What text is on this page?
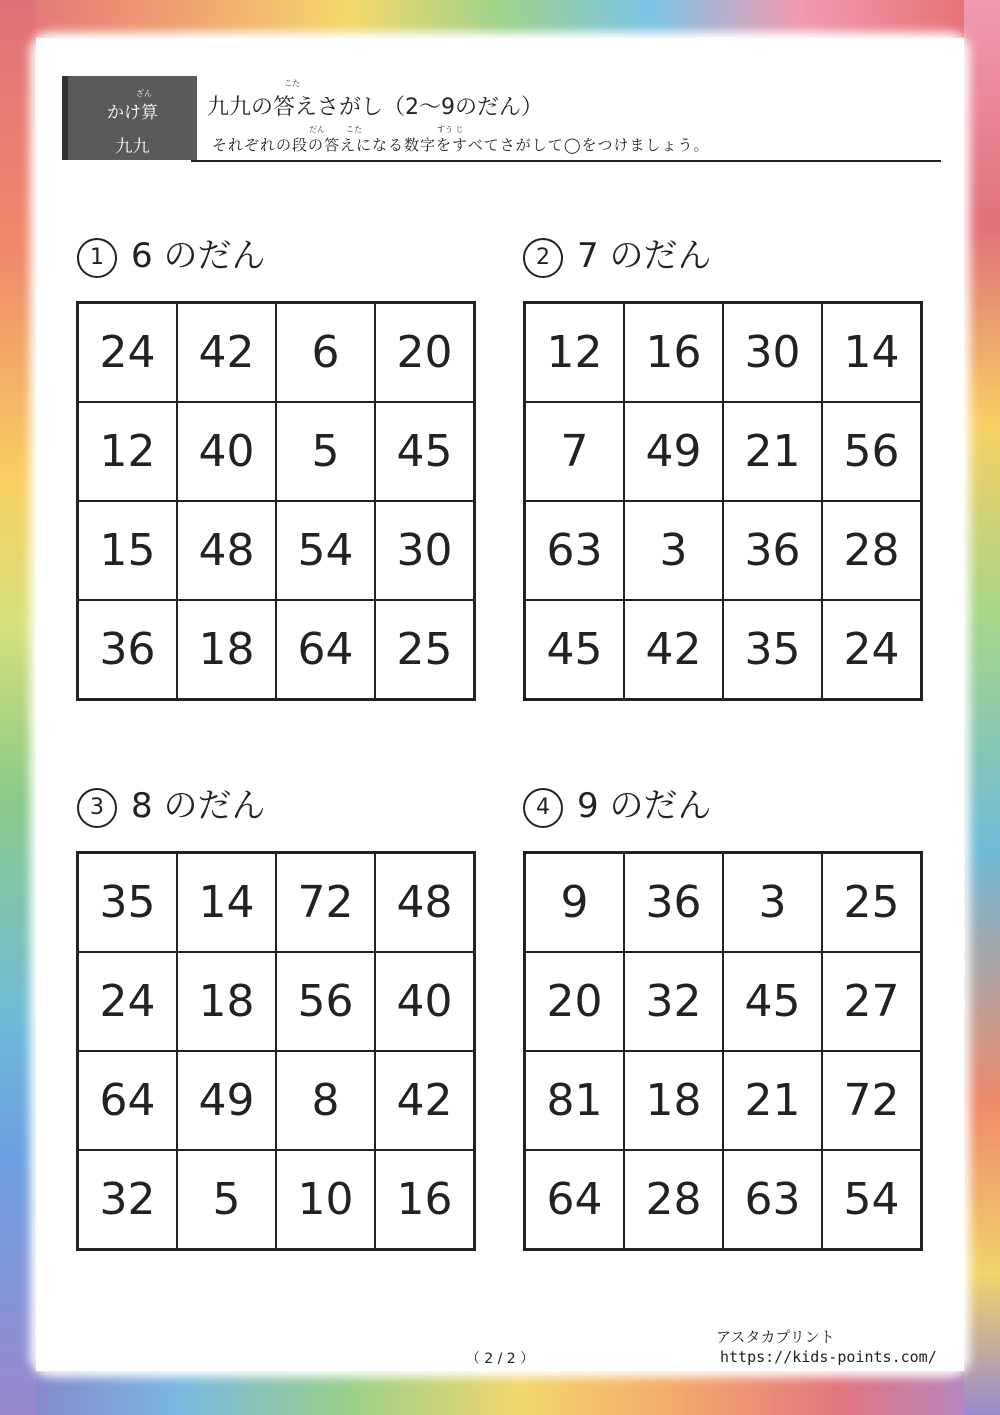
かけ算
九九
ざん
こた
九九の答えさがし（2～9のだん）
だん	こた	すう じ
それぞれの段の答えになる数字をすべてさがして◯をつけましょう。
1 6 のだん
24 42	6	20
12 40	5	45
15 48 54 30
36 18 64 25
2 7 のだん
12 16 30 14
7	49 21 56
63	3	36 28
45 42 35 24
3 8 のだん
35 14 72 48
24 18 56 40
64 49	8	42
32	5	10 16
4 9 のだん
9	36	3	25
20 32 45 27
81 18 21 72
64 28 63 54
アスタカプリント
https://kids-points.com/
（ 2 / 2 ）
